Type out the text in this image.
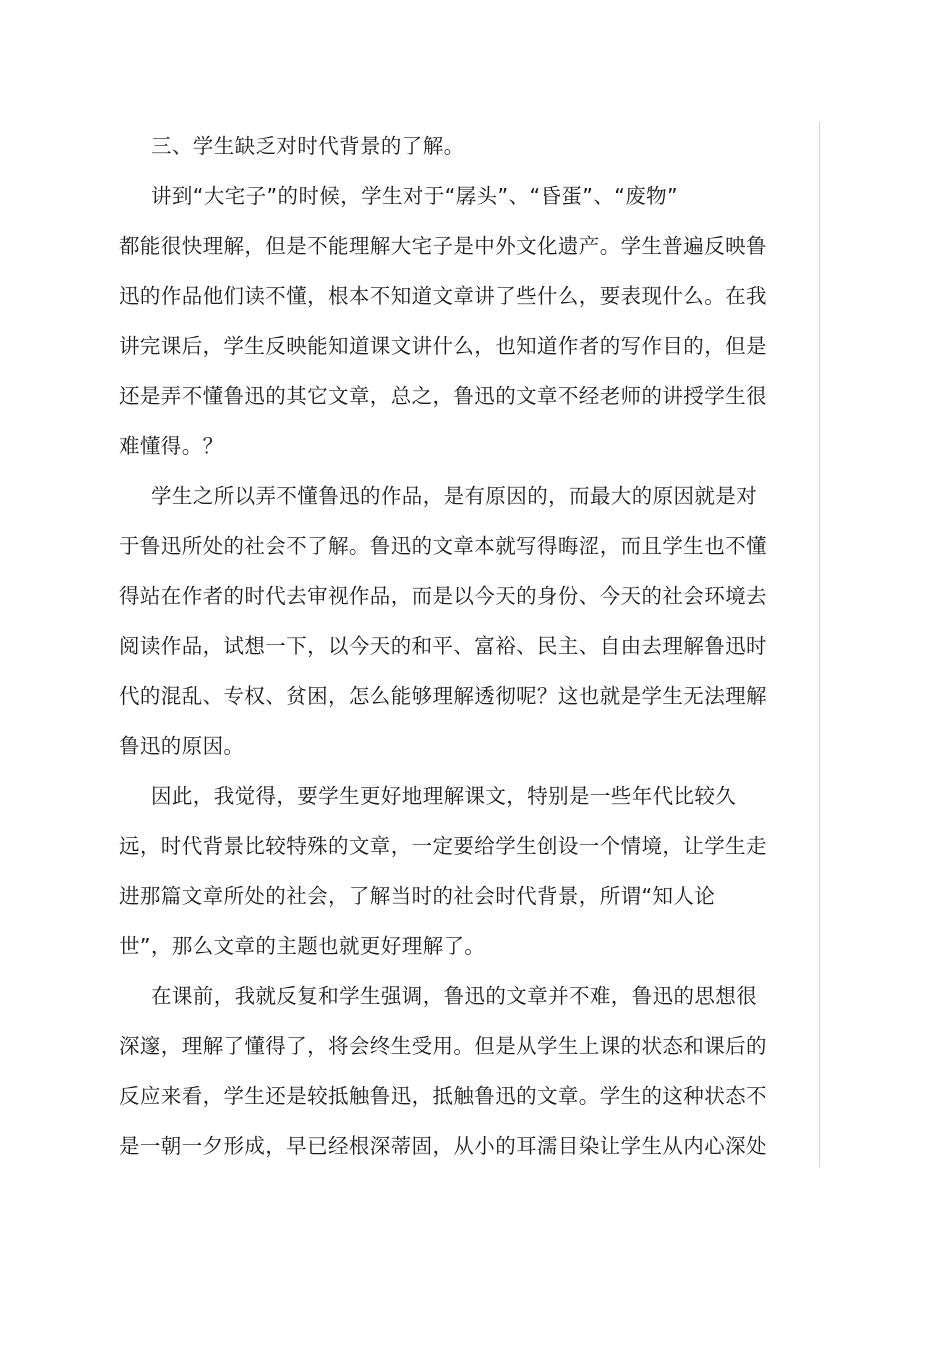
三、学生缺乏对时代背景的了解。
讲到“大宅子”的时候，学生对于“孱头”、“昏蛋”、“废物”
都能很快理解，但是不能理解大宅子是中外文化遗产。学生普遍反映鲁
迅的作品他们读不懂，根本不知道文章讲了些什么，要表现什么。在我
讲完课后，学生反映能知道课文讲什么，也知道作者的写作目的，但是
还是弄不懂鲁迅的其它文章，总之，鲁迅的文章不经老师的讲授学生很
难懂得。？
学生之所以弄不懂鲁迅的作品，是有原因的，而最大的原因就是对
于鲁迅所处的社会不了解。鲁迅的文章本就写得晦涩，而且学生也不懂
得站在作者的时代去审视作品，而是以今天的身份、今天的社会环境去
阅读作品，试想一下，以今天的和平、富裕、民主、自由去理解鲁迅时
代的混乱、专权、贫困，怎么能够理解透彻呢？这也就是学生无法理解
鲁迅的原因。
因此，我觉得，要学生更好地理解课文，特别是一些年代比较久
远，时代背景比较特殊的文章，一定要给学生创设一个情境，让学生走
进那篇文章所处的社会，了解当时的社会时代背景，所谓“知人论
世”，那么文章的主题也就更好理解了。
在课前，我就反复和学生强调，鲁迅的文章并不难，鲁迅的思想很
深邃，理解了懂得了，将会终生受用。但是从学生上课的状态和课后的
反应来看，学生还是较抵触鲁迅，抵触鲁迅的文章。学生的这种状态不
是一朝一夕形成，早已经根深蒂固，从小的耳濡目染让学生从内心深处
